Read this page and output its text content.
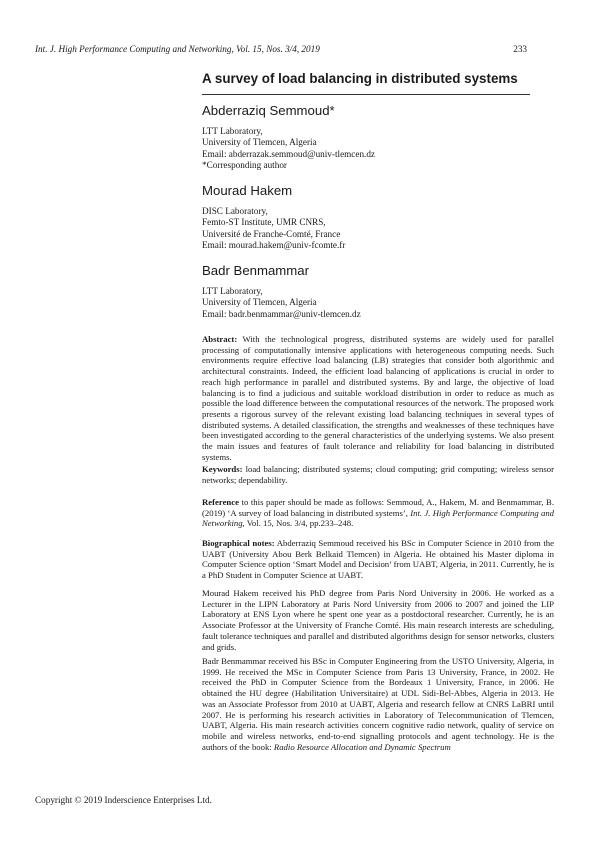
Int. J. High Performance Computing and Networking, Vol. 15, Nos. 3/4, 2019	233
A survey of load balancing in distributed systems
Abderraziq Semmoud*
LTT Laboratory,
University of Tlemcen, Algeria
Email: abderrazak.semmoud@univ-tlemcen.dz
*Corresponding author
Mourad Hakem
DISC Laboratory,
Femto-ST Institute, UMR CNRS,
Université de Franche-Comté, France
Email: mourad.hakem@univ-fcomte.fr
Badr Benmammar
LTT Laboratory,
University of Tlemcen, Algeria
Email: badr.benmammar@univ-tlemcen.dz
Abstract: With the technological progress, distributed systems are widely used for parallel processing of computationally intensive applications with heterogeneous computing needs. Such environments require effective load balancing (LB) strategies that consider both algorithmic and architectural constraints. Indeed, the efficient load balancing of applications is crucial in order to reach high performance in parallel and distributed systems. By and large, the objective of load balancing is to find a judicious and suitable workload distribution in order to reduce as much as possible the load difference between the computational resources of the network. The proposed work presents a rigorous survey of the relevant existing load balancing techniques in several types of distributed systems. A detailed classification, the strengths and weaknesses of these techniques have been investigated according to the general characteristics of the underlying systems. We also present the main issues and features of fault tolerance and reliability for load balancing in distributed systems.
Keywords: load balancing; distributed systems; cloud computing; grid computing; wireless sensor networks; dependability.
Reference to this paper should be made as follows: Semmoud, A., Hakem, M. and Benmammar, B. (2019) ‘A survey of load balancing in distributed systems’, Int. J. High Performance Computing and Networking, Vol. 15, Nos. 3/4, pp.233–248.
Biographical notes: Abderraziq Semmoud received his BSc in Computer Science in 2010 from the UABT (University Abou Berk Belkaid Tlemcen) in Algeria. He obtained his Master diploma in Computer Science option ‘Smart Model and Decision’ from UABT, Algeria, in 2011. Currently, he is a PhD Student in Computer Science at UABT.
Mourad Hakem received his PhD degree from Paris Nord University in 2006. He worked as a Lecturer in the LIPN Laboratory at Paris Nord University from 2006 to 2007 and joined the LIP Laboratory at ENS Lyon where he spent one year as a postdoctoral researcher. Currently, he is an Associate Professor at the University of Franche Comté. His main research interests are scheduling, fault tolerance techniques and parallel and distributed algorithms design for sensor networks, clusters and grids.
Badr Benmammar received his BSc in Computer Engineering from the USTO University, Algeria, in 1999. He received the MSc in Computer Science from Paris 13 University, France, in 2002. He received the PhD in Computer Science from the Bordeaux 1 University, France, in 2006. He obtained the HU degree (Habilitation Universitaire) at UDL Sidi-Bel-Abbes, Algeria in 2013. He was an Associate Professor from 2010 at UABT, Algeria and research fellow at CNRS LaBRI until 2007. He is performing his research activities in Laboratory of Telecommunication of Tlemcen, UABT, Algeria. His main research activities concern cognitive radio network, quality of service on mobile and wireless networks, end-to-end signalling protocols and agent technology. He is the authors of the book: Radio Resource Allocation and Dynamic Spectrum
Copyright © 2019 Inderscience Enterprises Ltd.
